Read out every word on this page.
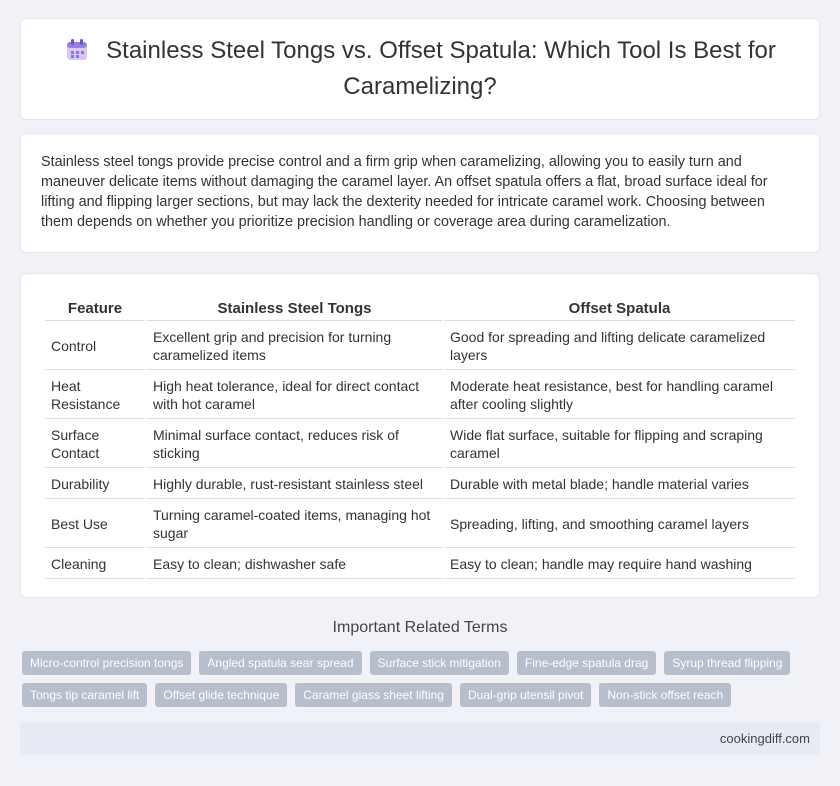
Stainless Steel Tongs vs. Offset Spatula: Which Tool Is Best for Caramelizing?

Stainless steel tongs provide precise control and a firm grip when caramelizing, allowing you to easily turn and maneuver delicate items without damaging the caramel layer. An offset spatula offers a flat, broad surface ideal for lifting and flipping larger sections, but may lack the dexterity needed for intricate caramel work. Choosing between them depends on whether you prioritize precision handling or coverage area during caramelization.

Feature	Stainless Steel Tongs	Offset Spatula
Control	Excellent grip and precision for turning caramelized items	Good for spreading and lifting delicate caramelized layers
Heat Resistance	High heat tolerance, ideal for direct contact with hot caramel	Moderate heat resistance, best for handling caramel after cooling slightly
Surface Contact	Minimal surface contact, reduces risk of sticking	Wide flat surface, suitable for flipping and scraping caramel
Durability	Highly durable, rust-resistant stainless steel	Durable with metal blade; handle material varies
Best Use	Turning caramel-coated items, managing hot sugar	Spreading, lifting, and smoothing caramel layers
Cleaning	Easy to clean; dishwasher safe	Easy to clean; handle may require hand washing
Important Related Terms
Micro-control precision tongs	Angled spatula sear spread	Surface stick mitigation	Fine-edge spatula drag	Syrup thread flipping
Tongs tip caramel lift	Offset glide technique	Caramel glass sheet lifting	Dual-grip utensil pivot	Non-stick offset reach
cookingdiff.com
